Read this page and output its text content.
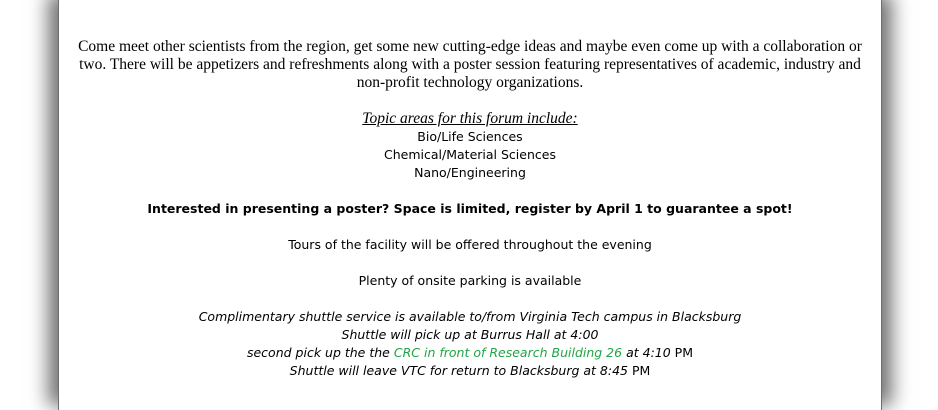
Come meet other scientists from the region, get some new cutting-edge ideas and maybe even come up with a collaboration or two. There will be appetizers and refreshments along with a poster session featuring representatives of academic, industry and non-profit technology organizations.
Topic areas for this forum include:
Bio/Life Sciences
Chemical/Material Sciences
Nano/Engineering
Interested in presenting a poster? Space is limited, register by April 1 to guarantee a spot!
Tours of the facility will be offered throughout the evening
Plenty of onsite parking is available
Complimentary shuttle service is available to/from Virginia Tech campus in Blacksburg
Shuttle will pick up at Burrus Hall at 4:00
second pick up the the CRC in front of Research Building 26 at 4:10 PM
Shuttle will leave VTC for return to Blacksburg at 8:45 PM
